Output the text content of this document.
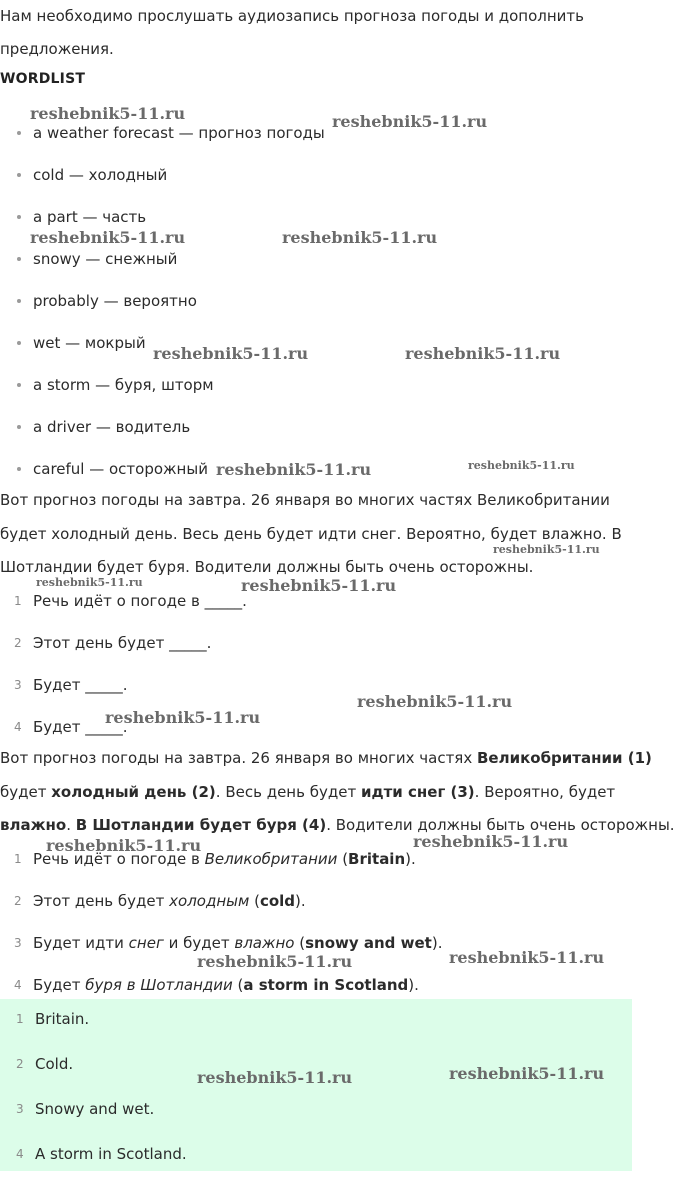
Нам необходимо прослушать аудиозапись прогноза погоды и дополнить

предложения.

WORDLIST
a weather forecast — прогноз погоды
cold — холодный
a part — часть
snowy — снежный
probably — вероятно
wet — мокрый
a storm — буря, шторм
a driver — водитель
careful — осторожный

Вот прогноз погоды на завтра. 26 января во многих частях Великобритании

будет холодный день. Весь день будет идти снег. Вероятно, будет влажно. В

Шотландии будет буря. Водители должны быть очень осторожны.

1 Речь идёт о погоде в _____.
2 Этот день будет _____.
3 Будет _____.
4 Будет _____.

Вот прогноз погоды на завтра. 26 января во многих частях Великобритании (1)

будет холодный день (2). Весь день будет идти снег (3). Вероятно, будет

влажно. В Шотландии будет буря (4). Водители должны быть очень осторожны.

1 Речь идёт о погоде в Великобритании (Britain).
2 Этот день будет холодным (cold).
3 Будет идти снег и будет влажно (snowy and wet).
4 Будет буря в Шотландии (a storm in Scotland).
1 Britain.
2 Cold.
3 Snowy and wet.
4 A storm in Scotland.
reshebnik5-11.ru	reshebnik5-11.ru
reshebnik5-11.ru	reshebnik5-11.ru
reshebnik5-11.ru	reshebnik5-11.ru
reshebnik5-11.ru	reshebnik5-11.ru
reshebnik5-11.ru
reshebnik5-11.ru	reshebnik5-11.ru
reshebnik5-11.ru
reshebnik5-11.ru
reshebnik5-11.ru
reshebnik5-11.ru
reshebnik5-11.ru
reshebnik5-11.ru
reshebnik5-11.ru
reshebnik5-11.ru
